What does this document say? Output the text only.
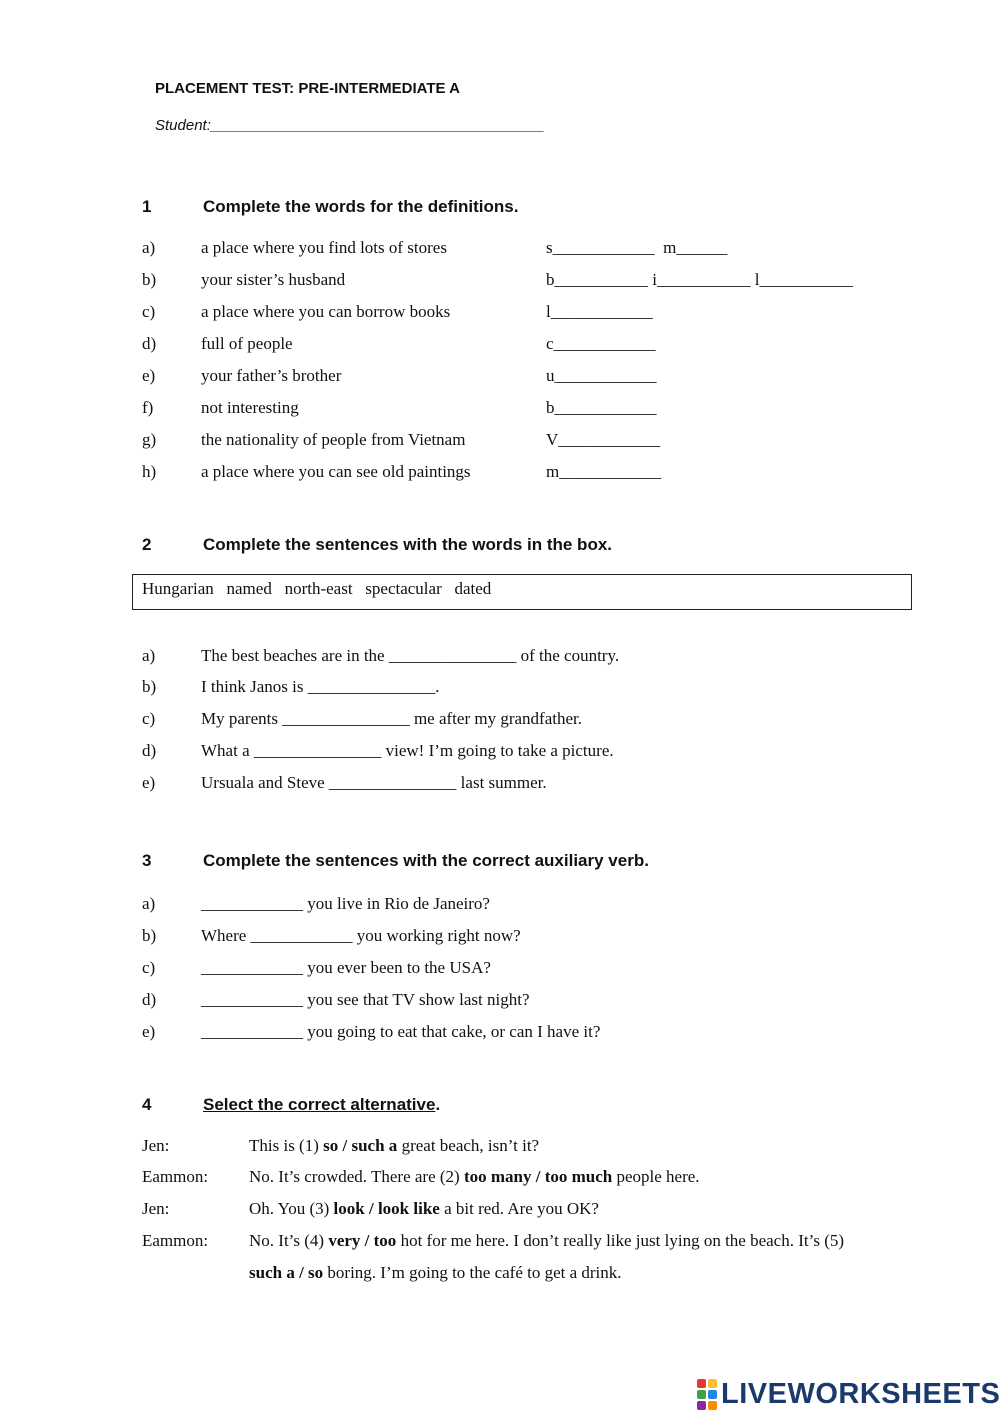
PLACEMENT TEST: PRE-INTERMEDIATE A
Student:________________________________________
1	Complete the words for the definitions.
a)	a place where you find lots of stores	s____________  m______
b)	your sister’s husband	b___________ i___________ l___________
c)	a place where you can borrow books	l____________
d)	full of people	c____________
e)	your father’s brother	u____________
f)	not interesting	b____________
g)	the nationality of people from Vietnam	V____________
h)	a place where you can see old paintings	m____________
2	Complete the sentences with the words in the box.
Hungarian   named   north-east   spectacular   dated
a)	The best beaches are in the _______________ of the country.
b)	I think Janos is _______________.
c)	My parents _______________ me after my grandfather.
d)	What a _______________ view! I’m going to take a picture.
e)	Ursuala and Steve _______________ last summer.
3	Complete the sentences with the correct auxiliary verb.
a)	____________ you live in Rio de Janeiro?
b)	Where ____________ you working right now?
c)	____________ you ever been to the USA?
d)	____________ you see that TV show last night?
e)	____________ you going to eat that cake, or can I have it?
4	Select the correct alternative.
Jen:	This is (1) so / such a great beach, isn’t it?
Eammon: No. It’s crowded. There are (2) too many / too much people here.
Jen:	Oh. You (3) look / look like a bit red. Are you OK?
Eammon: No. It’s (4) very / too hot for me here. I don’t really like just lying on the beach. It’s (5)
such a / so boring. I’m going to the café to get a drink.
LIVEWORKSHEETS
